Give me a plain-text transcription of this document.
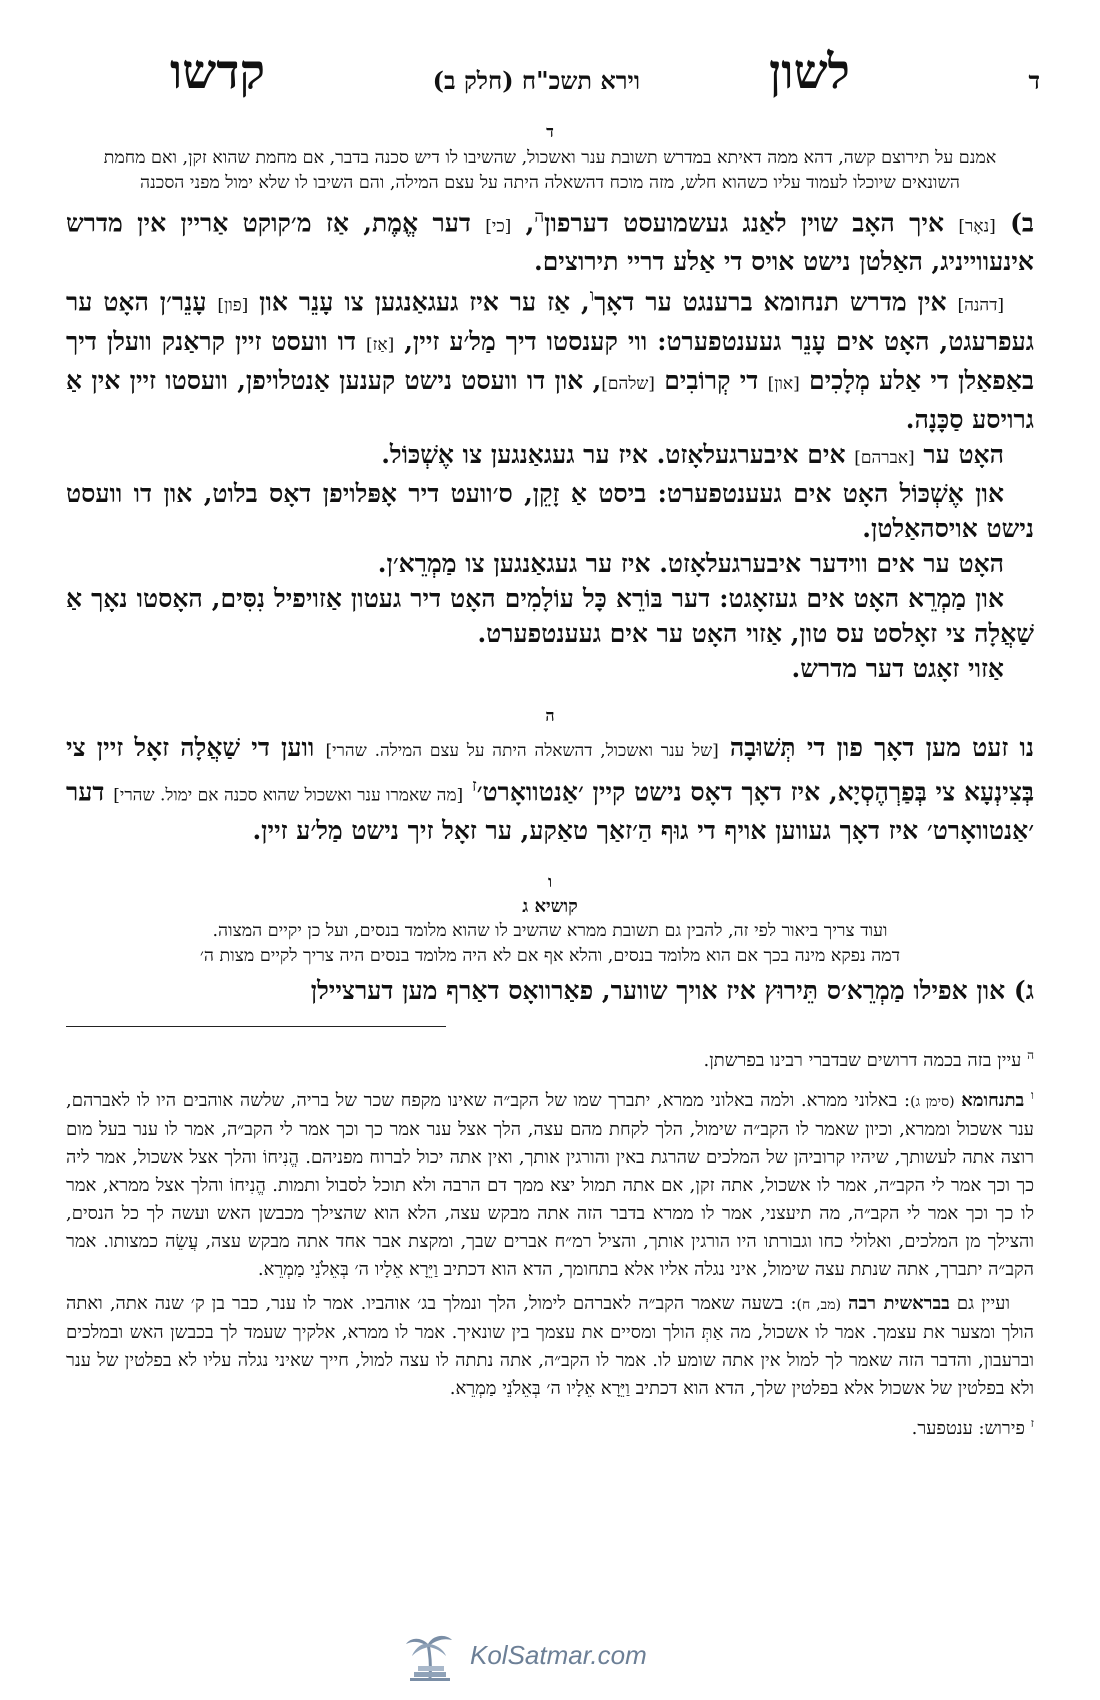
ד
לשון
וירא תשכ"ח (חלק ב)
קדשו
ד

אמנם על תירוצם קשה, דהא ממה דאיתא במדרש תשובת ענר ואשכול, שהשיבו לו דיש סכנה בדבר, אם מחמת שהוא זקן, ואם מחמת השונאים שיוכלו לעמוד עליו כשהוא חלש, מזה מוכח דהשאלה היתה על עצם המילה, והם השיבו לו שלא ימול מפני הסכנה

ב) [נאָר] איך האָב שוין לאַנג געשמועסט דערפון$^ה$, [כי] דער אֱמֶת, אַז מ׳קוקט אַריין אין מדרש אינעווייניג, האַלטן נישט אויס די אַלע דריי תירוצים.

[דהנה] אין מדרש תנחומא ברענגט ער דאָך$^ו$, אַז ער איז געגאַנגען צו עָנֵר און [פון] עָנֵר׳ן האָט ער געפרעגט, האָט אים עָנֵר געענטפערט: ווי קענסטו דיך מַל׳ע זיין, [אַז] דו וועסט זיין קראַנק וועלן דיך באַפאַלן די אַלע מְלָכִים [און] די קְרוֹבִים [שלהם], און דו וועסט נישט קענען אַנטלויפן, וועסטו זיין אין אַ גרויסע סַכָּנָה.

האָט ער [אברהם] אים איבערגעלאָזט. איז ער געגאַנגען צו אֶשְׁכּוֹל.

און אֶשְׁכּוֹל האָט אים געענטפערט: ביסט אַ זָקֵן, ס׳וועט דיר אָפּלויפן דאָס בלוט, און דו וועסט נישט אויסהאַלטן.

האָט ער אים ווידער איבערגעלאָזט. איז ער געגאַנגען צו מַמְרֵא׳ן.

און מַמְרֵא האָט אים געזאָגט: דער בּוֹרֵא כָּל עוֹלָמִים האָט דיר געטון אַזויפיל נִסִּים, האָסטו נאָך אַ שַׁאֲלָה צי זאָלסט עס טון, אַזוי האָט ער אים געענטפערט.

אַזוי זאָגט דער מדרש.

ה

נו זעט מען דאָך פון די תְּשׁוּבָה [של ענר ואשכול, דהשאלה היתה על עצם המילה. שהרי] ווען די שַׁאֲלָה זאָל זיין צי בְּצִינְעָא צי בְּפַרְהֶסְיָא, איז דאָך דאָס נישט קיין ׳אַנטוואָרט׳$^ז$ [מה שאמרו ענר ואשכול שהוא סכנה אם ימול. שהרי] דער ׳אַנטוואָרט׳ איז דאָך געווען אויף די גוּף הַ׳זאַך טאַקע, ער זאָל זיך נישט מַל׳ע זיין.

ו
קושיא ג

ועוד צריך ביאור לפי זה, להבין גם תשובת ממרא שהשיב לו שהוא מלומד בנסים, ועל כן יקיים המצוה.

דמה נפקא מינה בכך אם הוא מלומד בנסים, והלא אף אם לא היה מלומד בנסים היה צריך לקיים מצות ה׳

ג) און אפילו מַמְרֵא׳ס תֵּירוּץ איז אויך שווער, פאַרוואָס דאַרף מען דערציילן

$^ה$ עיין בזה בכמה דרושים שבדברי רבינו בפרשתן.

$^ו$ בתנחומא (סימן ג): באלוני ממרא. ולמה באלוני ממרא, יתברך שמו של הקב״ה שאינו מקפח שכר של בריה, שלשה אוהבים היו לו לאברהם, ענר אשכול וממרא, וכיון שאמר לו הקב״ה שימול, הלך לקחת מהם עצה, הלך אצל ענר אמר כך וכך אמר לי הקב״ה, אמר לו ענר בעל מום רוצה אתה לעשותך, שיהיו קרוביהן של המלכים שהרגת באין והורגין אותך, ואין אתה יכול לברוח מפניהם. הֱנִיחוֹ והלך אצל אשכול, אמר ליה כך וכך אמר לי הקב״ה, אמר לו אשכול, אתה זקן, אם אתה תמול יצא ממך דם הרבה ולא תוכל לסבול ותמות. הֱנִיחוֹ והלך אצל ממרא, אמר לו כך וכך אמר לי הקב״ה, מה תיעצני, אמר לו ממרא בדבר הזה אתה מבקש עצה, הלא הוא שהצילך מכבשן האש ועשה לך כל הנסים, והצילך מן המלכים, ואלולי כחו וגבורתו היו הורגין אותך, והציל רמ״ח אברים שבך, ומקצת אבר אחד אתה מבקש עצה, עֲשֵׂה כמצותו. אמר הקב״ה יתברך, אתה שנתת עצה שימול, איני נגלה אליו אלא בתחומך, הדא הוא דכתיב וַיֵּרָא אֵלָיו ה׳ בְּאֵלֹנֵי מַמְרֵא.

ועיין גם בבראשית רבה (מב, ח): בשעה שאמר הקב״ה לאברהם לימול, הלך ונמלך בג׳ אוהביו. אמר לו ענר, כבר בן ק׳ שנה אתה, ואתה הולך ומצער את עצמך. אמר לו אשכול, מה אַתְּ הולך ומסיים את עצמך בין שונאיך. אמר לו ממרא, אלקיך שעמד לך בכבשן האש ובמלכים וברעבון, והדבר הזה שאמר לך למול אין אתה שומע לו. אמר לו הקב״ה, אתה נתתה לו עצה למול, חייך שאיני נגלה עליו לא בפלטין של ענר ולא בפלטין של אשכול אלא בפלטין שלך, הדא הוא דכתיב וַיֵּרָא אֵלָיו ה׳ בְּאֵלֹנֵי מַמְרֵא.

$^ז$ פירוש: ענטפער.

KolSatmar.com
